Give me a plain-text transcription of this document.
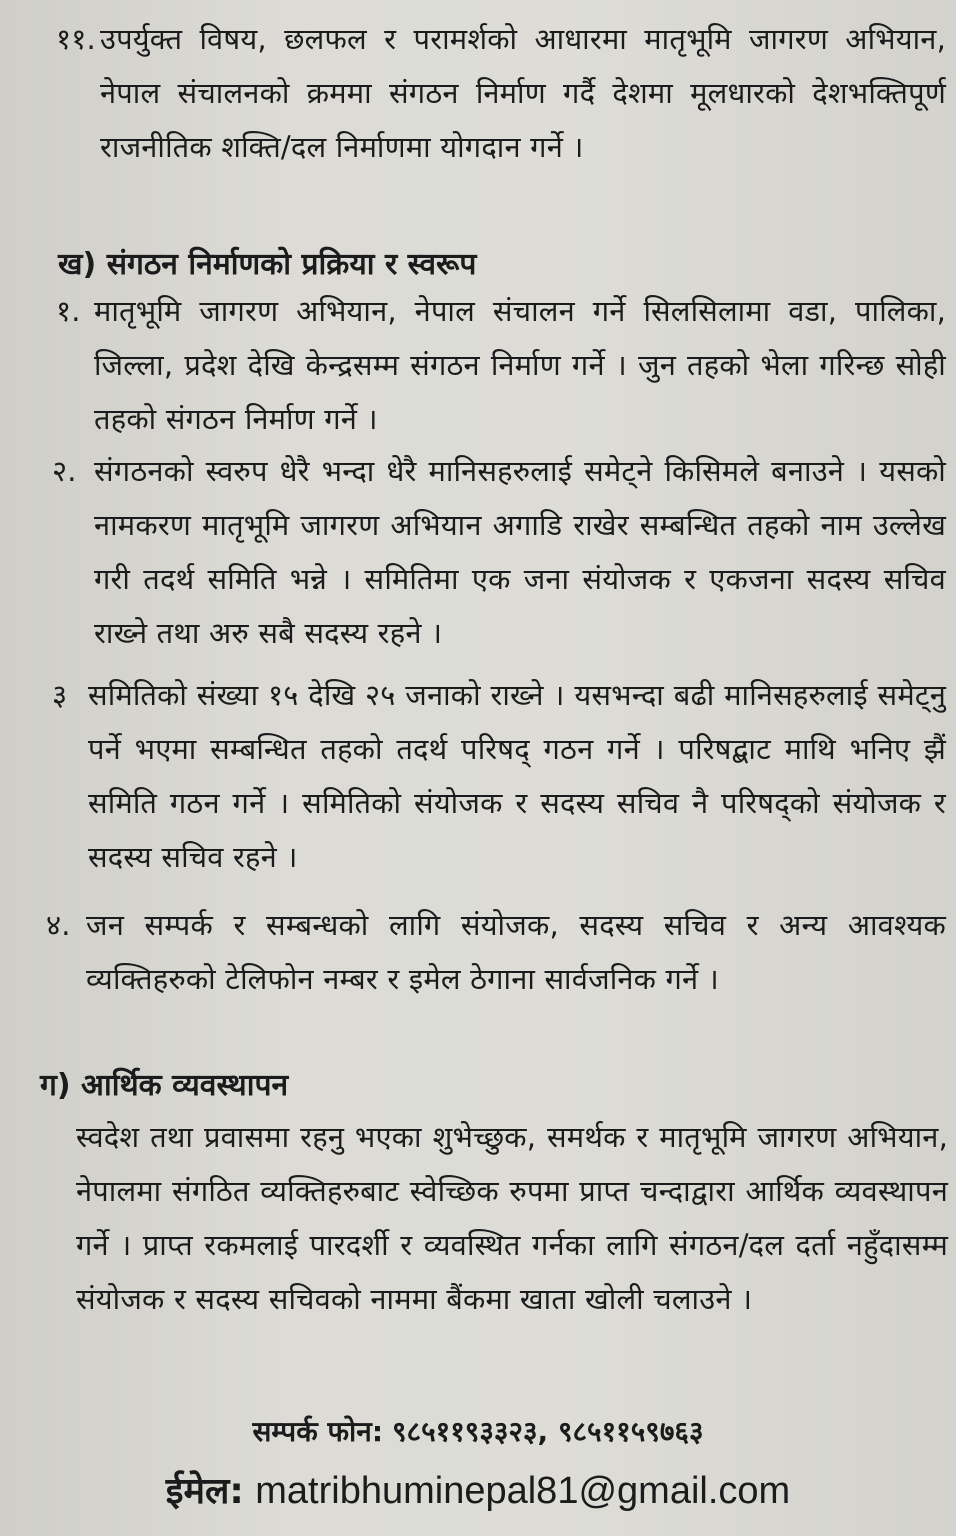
११. उपर्युक्त विषय, छलफल र परामर्शको आधारमा मातृभूमि जागरण अभियान, नेपाल संचालनको क्रममा संगठन निर्माण गर्दै देशमा मूलधारको देशभक्तिपूर्ण राजनीतिक शक्ति/दल निर्माणमा योगदान गर्ने ।
ख) संगठन निर्माणको प्रक्रिया र स्वरूप
१. मातृभूमि जागरण अभियान, नेपाल संचालन गर्ने सिलसिलामा वडा, पालिका, जिल्ला, प्रदेश देखि केन्द्रसम्म संगठन निर्माण गर्ने । जुन तहको भेला गरिन्छ सोही तहको संगठन निर्माण गर्ने ।
२. संगठनको स्वरुप धेरै भन्दा धेरै मानिसहरुलाई समेट्ने किसिमले बनाउने । यसको नामकरण मातृभूमि जागरण अभियान अगाडि राखेर सम्बन्धित तहको नाम उल्लेख गरी तदर्थ समिति भन्ने । समितिमा एक जना संयोजक र एकजना सदस्य सचिव राख्ने तथा अरु सबै सदस्य रहने ।
३ समितिको संख्या १५ देखि २५ जनाको राख्ने । यसभन्दा बढी मानिसहरुलाई समेट्नु पर्ने भएमा सम्बन्धित तहको तदर्थ परिषद् गठन गर्ने । परिषद्बाट माथि भनिए झैं समिति गठन गर्ने । समितिको संयोजक र सदस्य सचिव नै परिषद्को संयोजक र सदस्य सचिव रहने ।
४. जन सम्पर्क र सम्बन्धको लागि संयोजक, सदस्य सचिव र अन्य आवश्यक व्यक्तिहरुको टेलिफोन नम्बर र इमेल ठेगाना सार्वजनिक गर्ने ।
ग) आर्थिक व्यवस्थापन
स्वदेश तथा प्रवासमा रहनु भएका शुभेच्छुक, समर्थक र मातृभूमि जागरण अभियान, नेपालमा संगठित व्यक्तिहरुबाट स्वेच्छिक रुपमा प्राप्त चन्दाद्वारा आर्थिक व्यवस्थापन गर्ने । प्राप्त रकमलाई पारदर्शी र व्यवस्थित गर्नका लागि संगठन/दल दर्ता नहुँदासम्म संयोजक र सदस्य सचिवको नाममा बैंकमा खाता खोली चलाउने ।
सम्पर्क फोन: ९८५११९३३२३, ९८५११५९७६३
ईमेल: matribhuminepal81@gmail.com
